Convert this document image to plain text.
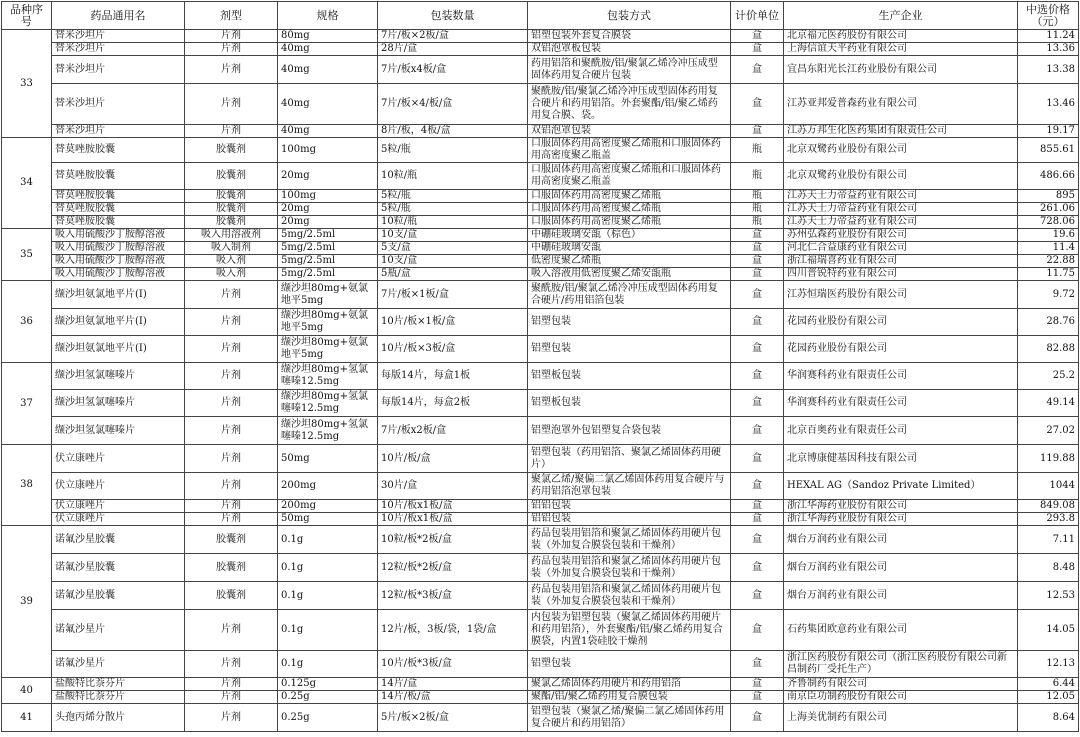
品种序号	药品通用名	剂型	规格	包装数量	包装方式	计价单位	生产企业	中选价格（元）
33	替米沙坦片	片剂	80mg	7片/板×2板/盒	铝塑包装外套复合膜袋	盒	北京福元医药股份有限公司	11.24
	替米沙坦片	片剂	40mg	28片/盒	双铝泡罩板包装	盒	上海信谊天平药业有限公司	13.36
	替米沙坦片	片剂	40mg	7片/板x4板/盒	药用铝箔和聚酰胺/铝/聚氯乙烯冷冲压成型固体药用复合硬片包装	盒	宜昌东阳光长江药业股份有限公司	13.38
	替米沙坦片	片剂	40mg	7片/板×4/板/盒	聚酰胺/铝/聚氯乙烯冷冲压成型固体药用复合硬片和药用铝箔。外套聚酯/铝/聚乙烯药用复合膜、袋。	盒	江苏亚邦爱普森药业有限公司	13.46
	替米沙坦片	片剂	40mg	8片/板，4板/盒	双铝泡罩包装	盒	江苏万邦生化医药集团有限责任公司	19.17
34	替莫唑胺胶囊	胶囊剂	100mg	5粒/瓶	口服固体药用高密度聚乙烯瓶和口服固体药用高密度聚乙瓶盖	瓶	北京双鹭药业股份有限公司	855.61
	替莫唑胺胶囊	胶囊剂	20mg	10粒/瓶	口服固体药用高密度聚乙烯瓶和口服固体药用高密度聚乙瓶盖	瓶	北京双鹭药业股份有限公司	486.66
	替莫唑胺胶囊	胶囊剂	100mg	5粒/瓶	口服固体药用高密度聚乙烯瓶	瓶	江苏天士力帝益药业有限公司	895
	替莫唑胺胶囊	胶囊剂	20mg	5粒/瓶	口服固体药用高密度聚乙烯瓶	瓶	江苏天士力帝益药业有限公司	261.06
	替莫唑胺胶囊	胶囊剂	20mg	10粒/瓶	口服固体药用高密度聚乙烯瓶	瓶	江苏天士力帝益药业有限公司	728.06
35	吸入用硫酸沙丁胺醇溶液	吸入用溶液剂	5mg/2.5ml	10支/盒	中硼硅玻璃安瓿（棕色）	盒	苏州弘森药业股份有限公司	19.6
	吸入用硫酸沙丁胺醇溶液	吸入制剂	5mg/2.5ml	5支/盒	中硼硅玻璃安瓿	盒	河北仁合益康药业有限公司	11.4
	吸入用硫酸沙丁胺醇溶液	吸入剂	5mg/2.5ml	10支/盒	低密度聚乙烯瓶	盒	浙江福瑞喜药业有限公司	22.88
	吸入用硫酸沙丁胺醇溶液	吸入剂	5mg/2.5ml	5瓶/盒	吸入溶液用低密度聚乙烯安瓿瓶	盒	四川普锐特药业有限公司	11.75
36	缬沙坦氨氯地平片(Ⅰ)	片剂	缬沙坦80mg+氨氯地平5mg	7片/板×1板/盒	聚酰胺/铝/聚氯乙烯冷冲压成型固体药用复合硬片/药用铝箔包装	盒	江苏恒瑞医药股份有限公司	9.72
	缬沙坦氨氯地平片(Ⅰ)	片剂	缬沙坦80mg+氨氯地平5mg	10片/板×1板/盒	铝塑包装	盒	花园药业股份有限公司	28.76
	缬沙坦氨氯地平片(Ⅰ)	片剂	缬沙坦80mg+氨氯地平5mg	10片/板×3板/盒	铝塑包装	盒	花园药业股份有限公司	82.88
37	缬沙坦氢氯噻嗪片	片剂	缬沙坦80mg+氢氯噻嗪12.5mg	每版14片，每盒1板	铝塑板包装	盒	华润赛科药业有限责任公司	25.2
	缬沙坦氢氯噻嗪片	片剂	缬沙坦80mg+氢氯噻嗪12.5mg	每版14片，每盒2板	铝塑板包装	盒	华润赛科药业有限责任公司	49.14
	缬沙坦氢氯噻嗪片	片剂	缬沙坦80mg+氢氯噻嗪12.5mg	7片/板x2板/盒	铝塑泡罩外包铝塑复合袋包装	盒	北京百奥药业有限责任公司	27.02
38	伏立康唑片	片剂	50mg	10片/板/盒	铝塑包装（药用铝箔、聚氯乙烯固体药用硬片）	盒	北京博康健基因科技有限公司	119.88
	伏立康唑片	片剂	200mg	30片/盒	聚氯乙烯/聚偏二氯乙烯固体药用复合硬片与药用铝箔泡罩包装	盒	HEXAL AG（Sandoz Private Limited）	1044
	伏立康唑片	片剂	200mg	10片/板x1板/盒	铝铝包装	盒	浙江华海药业股份有限公司	849.08
	伏立康唑片	片剂	50mg	10片/板x1板/盒	铝铝包装	盒	浙江华海药业股份有限公司	293.8
39	诺氟沙星胶囊	胶囊剂	0.1g	10粒/板*2板/盒	药品包装用铝箔和聚氯乙烯固体药用硬片包装（外加复合膜袋包装和干燥剂）	盒	烟台万润药业有限公司	7.11
	诺氟沙星胶囊	胶囊剂	0.1g	12粒/板*2板/盒	药品包装用铝箔和聚氯乙烯固体药用硬片包装（外加复合膜袋包装和干燥剂）	盒	烟台万润药业有限公司	8.48
	诺氟沙星胶囊	胶囊剂	0.1g	12粒/板*3板/盒	药品包装用铝箔和聚氯乙烯固体药用硬片包装（外加复合膜袋包装和干燥剂）	盒	烟台万润药业有限公司	12.53
	诺氟沙星片	片剂	0.1g	12片/板，3板/袋，1袋/盒	内包装为铝塑包装（聚氯乙烯固体药用硬片和药用铝箔），外套聚酯/铝/聚乙烯药用复合膜袋，内置1袋硅胶干燥剂	盒	石药集团欧意药业有限公司	14.05
	诺氟沙星片	片剂	0.1g	10片/板*3板/盒	铝塑包装	盒	浙江医药股份有限公司（浙江医药股份有限公司新昌制药厂受托生产）	12.13
40	盐酸特比萘芬片	片剂	0.125g	14片/盒	聚氯乙烯固体药用硬片和药用铝箔	盒	齐鲁制药有限公司	6.44
	盐酸特比萘芬片	片剂	0.25g	14片/板/盒	聚酯/铝/聚乙烯药用复合膜包装	盒	南京臣功制药股份有限公司	12.05
41	头孢丙烯分散片	片剂	0.25g	5片/板×2板/盒	铝塑包装（聚氯乙烯/聚偏二氯乙烯固体药用复合硬片和药用铝箔）	盒	上海美优制药有限公司	8.64
